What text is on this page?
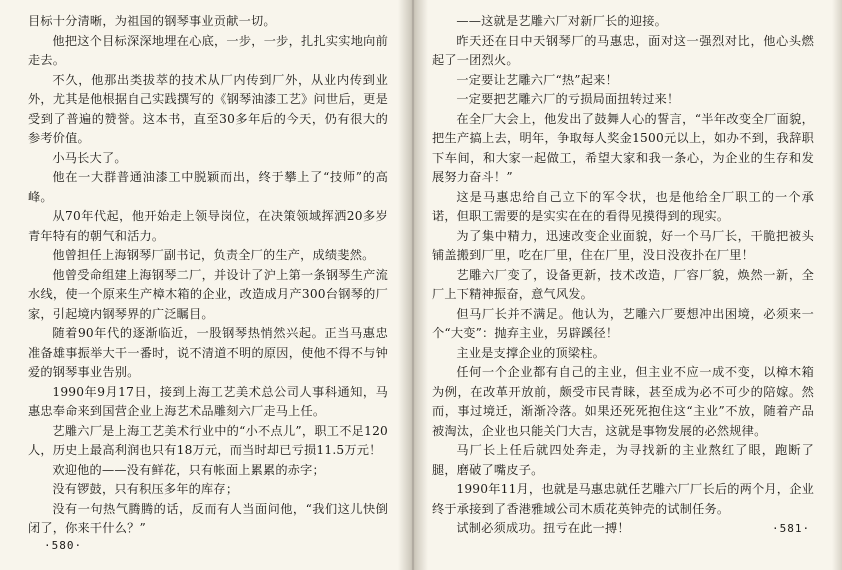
目标十分清晰，为祖国的钢琴事业贡献一切。

他把这个目标深深地埋在心底，一步，一步，扎扎实实地向前走去。

不久，他那出类拔萃的技术从厂内传到厂外，从业内传到业外，尤其是他根据自己实践撰写的《钢琴油漆工艺》问世后，更是受到了普遍的赞誉。这本书，直至30多年后的今天，仍有很大的参考价值。

小马长大了。

他在一大群普通油漆工中脱颖而出，终于攀上了“技师”的高峰。

从70年代起，他开始走上领导岗位，在决策领域挥洒20多岁青年特有的朝气和活力。

他曾担任上海钢琴厂副书记，负责全厂的生产，成绩斐然。

他曾受命组建上海钢琴二厂，并设计了沪上第一条钢琴生产流水线，使一个原来生产樟木箱的企业，改造成月产300台钢琴的厂家，引起境内钢琴界的广泛瞩目。

随着90年代的逐渐临近，一股钢琴热悄然兴起。正当马惠忠准备雄事振举大干一番时，说不清道不明的原因，使他不得不与钟爱的钢琴事业告别。

1990年9月17日，接到上海工艺美术总公司人事科通知，马惠忠奉命来到国营企业上海艺术品雕刻六厂走马上任。

艺雕六厂是上海工艺美术行业中的“小不点儿”，职工不足120人，历史上最高利润也只有18万元，而当时却已亏损11.5万元！

欢迎他的——没有鲜花，只有帐面上累累的赤字；

没有锣鼓，只有积压多年的库存；

没有一句热气腾腾的话，反而有人当面问他，“我们这儿快倒闭了，你来干什么？”

·580·

——这就是艺雕六厂对新厂长的迎接。

昨天还在日中天钢琴厂的马惠忠，面对这一强烈对比，他心头燃起了一团烈火。

一定要让艺雕六厂“热”起来！

一定要把艺雕六厂的亏损局面扭转过来！

在全厂大会上，他发出了鼓舞人心的誓言，“半年改变全厂面貌，把生产搞上去，明年，争取每人奖金1500元以上，如办不到，我辞职下车间，和大家一起做工，希望大家和我一条心，为企业的生存和发展努力奋斗！”

这是马惠忠给自己立下的军令状，也是他给全厂职工的一个承诺，但职工需要的是实实在在的看得见摸得到的现实。

为了集中精力，迅速改变企业面貌，好一个马厂长，干脆把被头铺盖搬到厂里，吃在厂里，住在厂里，没日没夜扑在厂里！

艺雕六厂变了，设备更新，技术改造，厂容厂貌，焕然一新，全厂上下精神振奋，意气风发。

但马厂长并不满足。他认为，艺雕六厂要想冲出困境，必须来一个“大变”：抛弃主业，另辟蹊径！

主业是支撑企业的顶梁柱。

任何一个企业都有自己的主业，但主业不应一成不变，以樟木箱为例，在改革开放前，颇受市民青睐，甚至成为必不可少的陪嫁。然而，事过境迁，渐渐冷落。如果还死死抱住这“主业”不放，随着产品被淘汰，企业也只能关门大吉，这就是事物发展的必然规律。

马厂长上任后就四处奔走，为寻找新的主业熬红了眼，跑断了腿，磨破了嘴皮子。

1990年11月，也就是马惠忠就任艺雕六厂厂长后的两个月，企业终于承接到了香港雅域公司木质花英钟壳的试制任务。

试制必须成功。扭亏在此一搏！	·581·
